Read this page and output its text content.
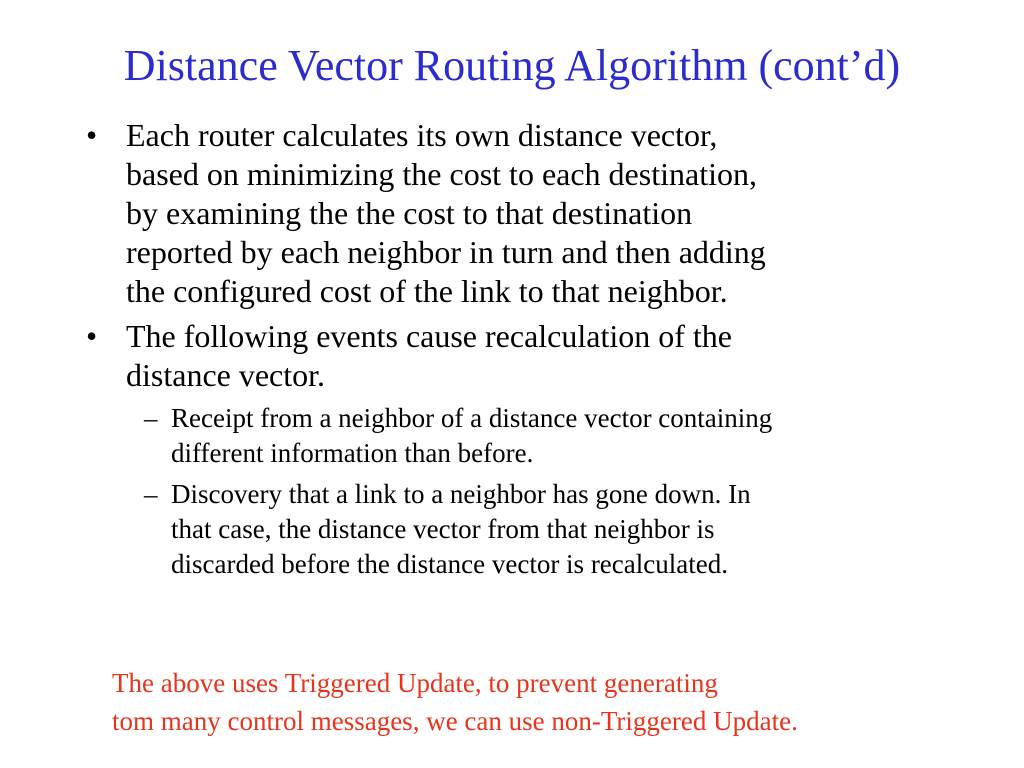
Distance Vector Routing Algorithm (cont’d)
• Each router calculates its own distance vector,
based on minimizing the cost to each destination,
by examining the the cost to that destination
reported by each neighbor in turn and then adding
the configured cost of the link to that neighbor.
• The following events cause recalculation of the
distance vector.
– Receipt from a neighbor of a distance vector containing
different information than before.
– Discovery that a link to a neighbor has gone down. In
that case, the distance vector from that neighbor is
discarded before the distance vector is recalculated.
The above uses Triggered Update, to prevent generating
tom many control messages, we can use non-Triggered Update.
